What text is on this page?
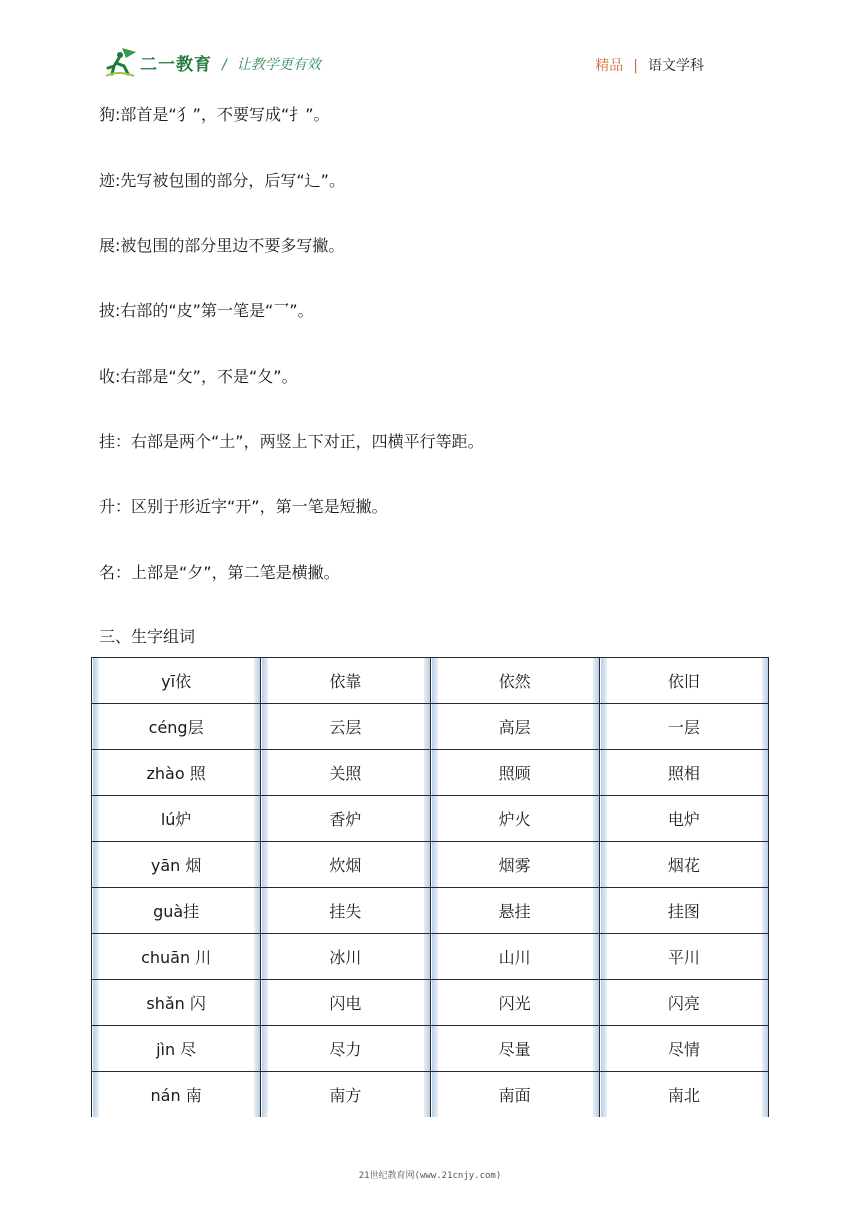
二一教育 / 让教学更有效	精品 | 语文学科
狗:部首是“犭”，不要写成“扌”。
迹:先写被包围的部分，后写“辶”。
展:被包围的部分里边不要多写撇。
披:右部的“皮”第一笔是“乛”。
收:右部是“攵”，不是“夂”。
挂：右部是两个“土”，两竖上下对正，四横平行等距。
升：区别于形近字“开”，第一笔是短撇。
名：上部是“夕”，第二笔是横撇。
三、生字组词
yī依	依靠	依然	依旧
céng层	云层	高层	一层
zhào 照	关照	照顾	照相
lú炉	香炉	炉火	电炉
yān 烟	炊烟	烟雾	烟花
guà挂	挂失	悬挂	挂图
chuān 川	冰川	山川	平川
shǎn 闪	闪电	闪光	闪亮
jìn 尽	尽力	尽量	尽情
nán 南	南方	南面	南北
21世纪教育网(www.21cnjy.com)
